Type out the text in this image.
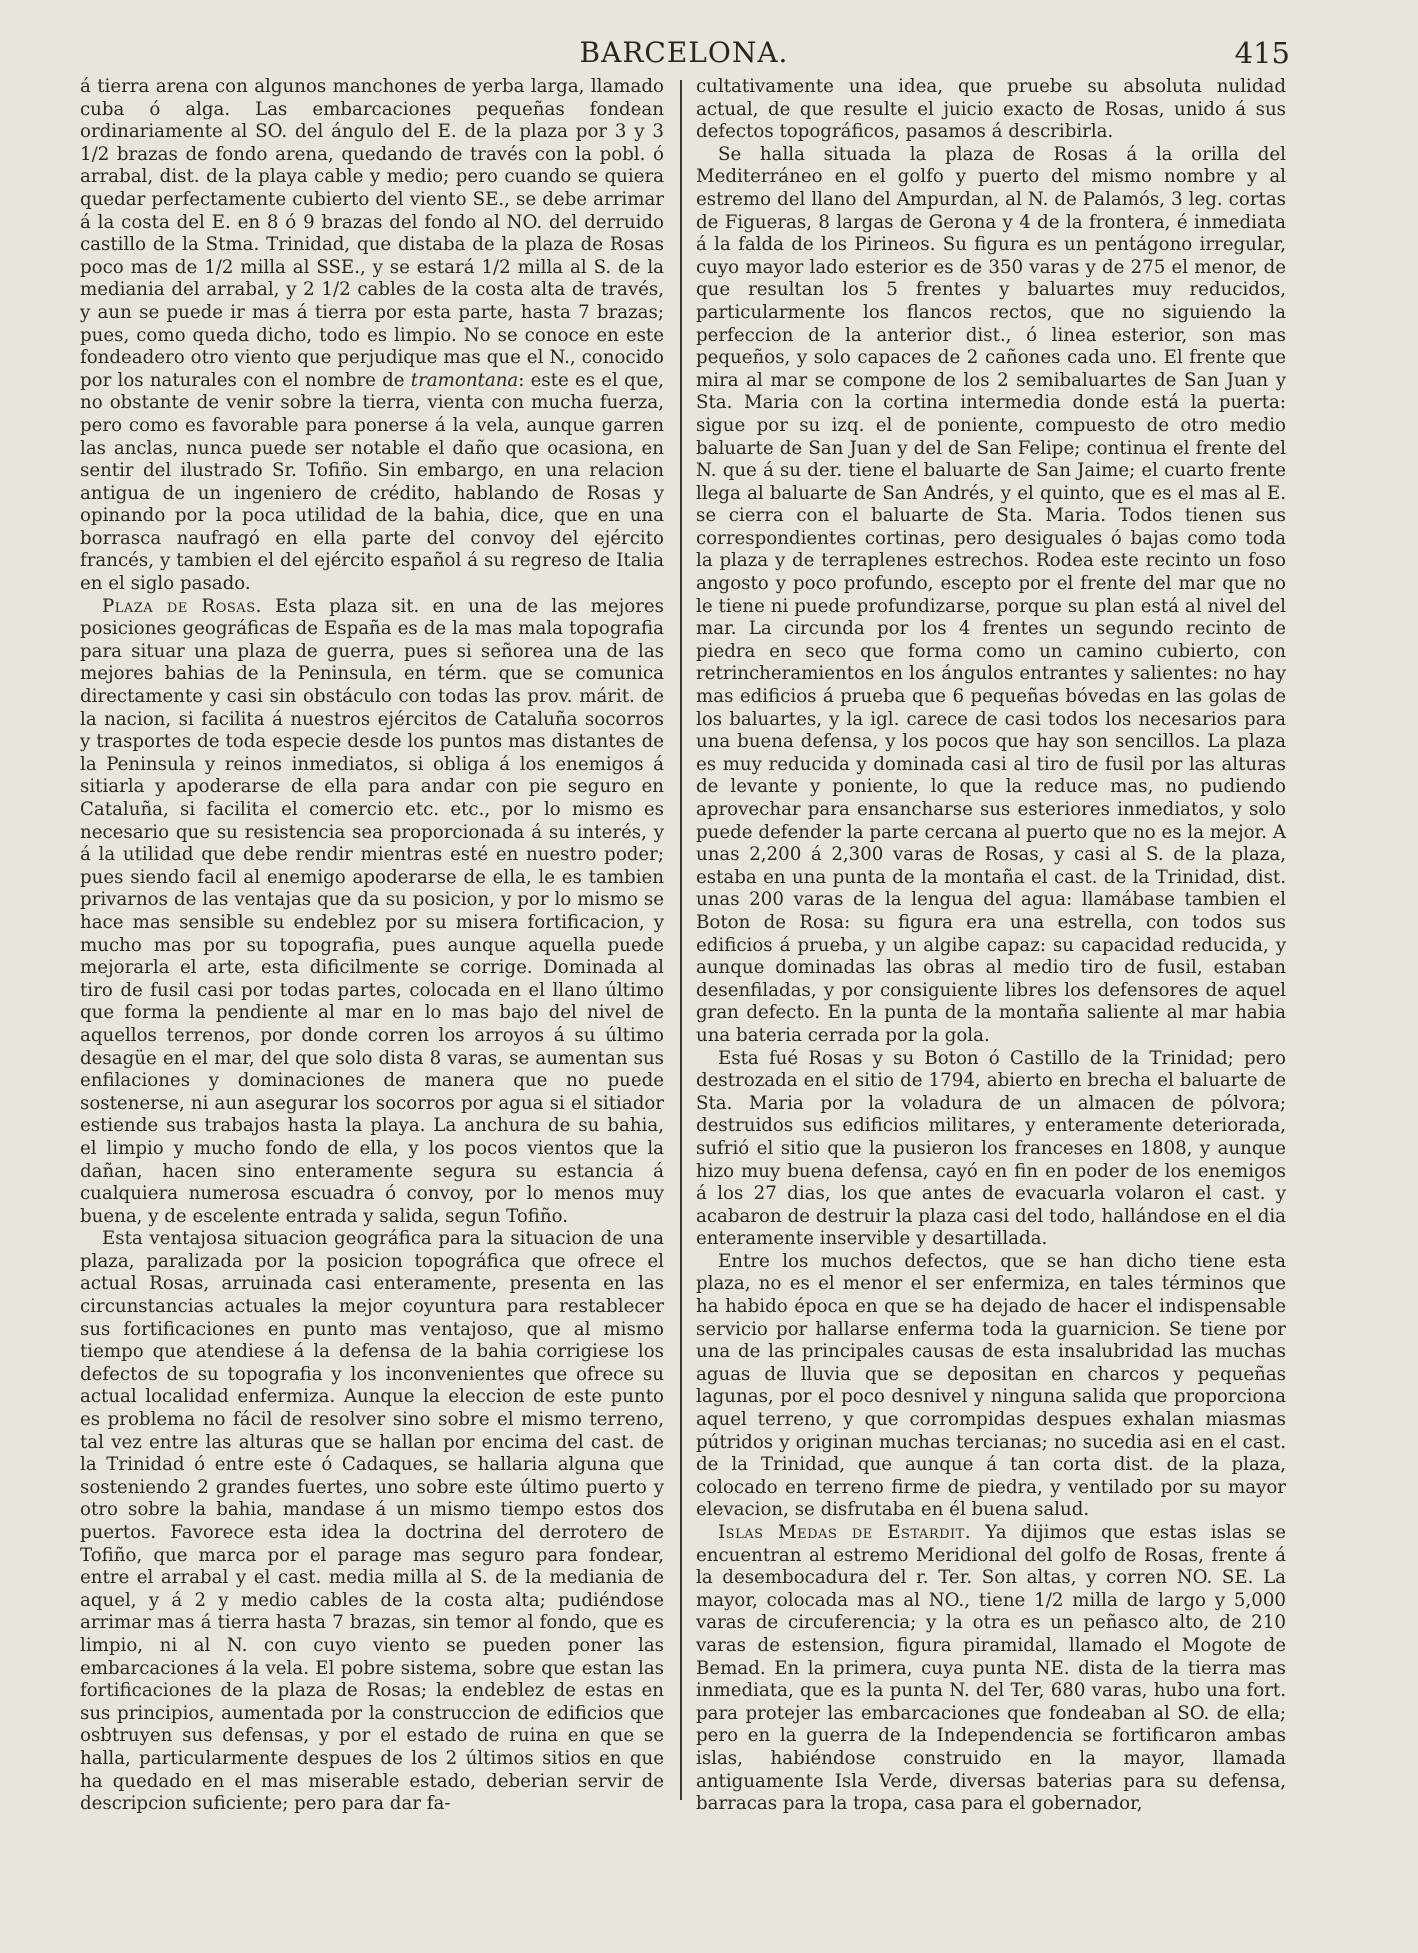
BARCELONA.	415

á tierra arena con algunos manchones de yerba larga, llamado cuba ó alga. Las embarcaciones pequeñas fondean ordinariamente al SO. del ángulo del E. de la plaza por 3 y 3 1/2 brazas de fondo arena, quedando de través con la pobl. ó arrabal, dist. de la playa cable y medio; pero cuando se quiera quedar perfectamente cubierto del viento SE., se debe arrimar á la costa del E. en 8 ó 9 brazas del fondo al NO. del derruido castillo de la Stma. Trinidad, que distaba de la plaza de Rosas poco mas de 1/2 milla al SSE., y se estará 1/2 milla al S. de la mediania del arrabal, y 2 1/2 cables de la costa alta de través, y aun se puede ir mas á tierra por esta parte, hasta 7 brazas; pues, como queda dicho, todo es limpio. No se conoce en este fondeadero otro viento que perjudique mas que el N., conocido por los naturales con el nombre de tramontana: este es el que, no obstante de venir sobre la tierra, vienta con mucha fuerza, pero como es favorable para ponerse á la vela, aunque garren las anclas, nunca puede ser notable el daño que ocasiona, en sentir del ilustrado Sr. Tofiño. Sin embargo, en una relacion antigua de un ingeniero de crédito, hablando de Rosas y opinando por la poca utilidad de la bahia, dice, que en una borrasca naufragó en ella parte del convoy del ejército francés, y tambien el del ejército español á su regreso de Italia en el siglo pasado.

Plaza de Rosas. Esta plaza sit. en una de las mejores posiciones geográficas de España es de la mas mala topografia para situar una plaza de guerra, pues si señorea una de las mejores bahias de la Peninsula, en térm. que se comunica directamente y casi sin obstáculo con todas las prov. márit. de la nacion, si facilita á nuestros ejércitos de Cataluña socorros y trasportes de toda especie desde los puntos mas distantes de la Peninsula y reinos inmediatos, si obliga á los enemigos á sitiarla y apoderarse de ella para andar con pie seguro en Cataluña, si facilita el comercio etc. etc., por lo mismo es necesario que su resistencia sea proporcionada á su interés, y á la utilidad que debe rendir mientras esté en nuestro poder; pues siendo facil al enemigo apoderarse de ella, le es tambien privarnos de las ventajas que da su posicion, y por lo mismo se hace mas sensible su endeblez por su misera fortificacion, y mucho mas por su topografia, pues aunque aquella puede mejorarla el arte, esta dificilmente se corrige. Dominada al tiro de fusil casi por todas partes, colocada en el llano último que forma la pendiente al mar en lo mas bajo del nivel de aquellos terrenos, por donde corren los arroyos á su último desagüe en el mar, del que solo dista 8 varas, se aumentan sus enfilaciones y dominaciones de manera que no puede sostenerse, ni aun asegurar los socorros por agua si el sitiador estiende sus trabajos hasta la playa. La anchura de su bahia, el limpio y mucho fondo de ella, y los pocos vientos que la dañan, hacen sino enteramente segura su estancia á cualquiera numerosa escuadra ó convoy, por lo menos muy buena, y de escelente entrada y salida, segun Tofiño.

Esta ventajosa situacion geográfica para la situacion de una plaza, paralizada por la posicion topográfica que ofrece el actual Rosas, arruinada casi enteramente, presenta en las circunstancias actuales la mejor coyuntura para restablecer sus fortificaciones en punto mas ventajoso, que al mismo tiempo que atendiese á la defensa de la bahia corrigiese los defectos de su topografia y los inconvenientes que ofrece su actual localidad enfermiza. Aunque la eleccion de este punto es problema no fácil de resolver sino sobre el mismo terreno, tal vez entre las alturas que se hallan por encima del cast. de la Trinidad ó entre este ó Cadaques, se hallaria alguna que sosteniendo 2 grandes fuertes, uno sobre este último puerto y otro sobre la bahia, mandase á un mismo tiempo estos dos puertos. Favorece esta idea la doctrina del derrotero de Tofiño, que marca por el parage mas seguro para fondear, entre el arrabal y el cast. media milla al S. de la mediania de aquel, y á 2 y medio cables de la costa alta; pudiéndose arrimar mas á tierra hasta 7 brazas, sin temor al fondo, que es limpio, ni al N. con cuyo viento se pueden poner las embarcaciones á la vela. El pobre sistema, sobre que estan las fortificaciones de la plaza de Rosas; la endeblez de estas en sus principios, aumentada por la construccion de edificios que osbtruyen sus defensas, y por el estado de ruina en que se halla, particularmente despues de los 2 últimos sitios en que ha quedado en el mas miserable estado, deberian servir de descripcion suficiente; pero para dar fa-

cultativamente una idea, que pruebe su absoluta nulidad actual, de que resulte el juicio exacto de Rosas, unido á sus defectos topográficos, pasamos á describirla.

Se halla situada la plaza de Rosas á la orilla del Mediterráneo en el golfo y puerto del mismo nombre y al estremo del llano del Ampurdan, al N. de Palamós, 3 leg. cortas de Figueras, 8 largas de Gerona y 4 de la frontera, é inmediata á la falda de los Pirineos. Su figura es un pentágono irregular, cuyo mayor lado esterior es de 350 varas y de 275 el menor, de que resultan los 5 frentes y baluartes muy reducidos, particularmente los flancos rectos, que no siguiendo la perfeccion de la anterior dist., ó linea esterior, son mas pequeños, y solo capaces de 2 cañones cada uno. El frente que mira al mar se compone de los 2 semibaluartes de San Juan y Sta. Maria con la cortina intermedia donde está la puerta: sigue por su izq. el de poniente, compuesto de otro medio baluarte de San Juan y del de San Felipe; continua el frente del N. que á su der. tiene el baluarte de San Jaime; el cuarto frente llega al baluarte de San Andrés, y el quinto, que es el mas al E. se cierra con el baluarte de Sta. Maria. Todos tienen sus correspondientes cortinas, pero desiguales ó bajas como toda la plaza y de terraplenes estrechos. Rodea este recinto un foso angosto y poco profundo, escepto por el frente del mar que no le tiene ni puede profundizarse, porque su plan está al nivel del mar. La circunda por los 4 frentes un segundo recinto de piedra en seco que forma como un camino cubierto, con retrincheramientos en los ángulos entrantes y salientes: no hay mas edificios á prueba que 6 pequeñas bóvedas en las golas de los baluartes, y la igl. carece de casi todos los necesarios para una buena defensa, y los pocos que hay son sencillos. La plaza es muy reducida y dominada casi al tiro de fusil por las alturas de levante y poniente, lo que la reduce mas, no pudiendo aprovechar para ensancharse sus esteriores inmediatos, y solo puede defender la parte cercana al puerto que no es la mejor. A unas 2,200 á 2,300 varas de Rosas, y casi al S. de la plaza, estaba en una punta de la montaña el cast. de la Trinidad, dist. unas 200 varas de la lengua del agua: llamábase tambien el Boton de Rosa: su figura era una estrella, con todos sus edificios á prueba, y un algibe capaz: su capacidad reducida, y aunque dominadas las obras al medio tiro de fusil, estaban desenfiladas, y por consiguiente libres los defensores de aquel gran defecto. En la punta de la montaña saliente al mar habia una bateria cerrada por la gola.

Esta fué Rosas y su Boton ó Castillo de la Trinidad; pero destrozada en el sitio de 1794, abierto en brecha el baluarte de Sta. Maria por la voladura de un almacen de pólvora; destruidos sus edificios militares, y enteramente deteriorada, sufrió el sitio que la pusieron los franceses en 1808, y aunque hizo muy buena defensa, cayó en fin en poder de los enemigos á los 27 dias, los que antes de evacuarla volaron el cast. y acabaron de destruir la plaza casi del todo, hallándose en el dia enteramente inservible y desartillada.

Entre los muchos defectos, que se han dicho tiene esta plaza, no es el menor el ser enfermiza, en tales términos que ha habido época en que se ha dejado de hacer el indispensable servicio por hallarse enferma toda la guarnicion. Se tiene por una de las principales causas de esta insalubridad las muchas aguas de lluvia que se depositan en charcos y pequeñas lagunas, por el poco desnivel y ninguna salida que proporciona aquel terreno, y que corrompidas despues exhalan miasmas pútridos y originan muchas tercianas; no sucedia asi en el cast. de la Trinidad, que aunque á tan corta dist. de la plaza, colocado en terreno firme de piedra, y ventilado por su mayor elevacion, se disfrutaba en él buena salud.

Islas Medas de Estardit. Ya dijimos que estas islas se encuentran al estremo Meridional del golfo de Rosas, frente á la desembocadura del r. Ter. Son altas, y corren NO. SE. La mayor, colocada mas al NO., tiene 1/2 milla de largo y 5,000 varas de circuferencia; y la otra es un peñasco alto, de 210 varas de estension, figura piramidal, llamado el Mogote de Bemad. En la primera, cuya punta NE. dista de la tierra mas inmediata, que es la punta N. del Ter, 680 varas, hubo una fort. para protejer las embarcaciones que fondeaban al SO. de ella; pero en la guerra de la Independencia se fortificaron ambas islas, habiéndose construido en la mayor, llamada antiguamente Isla Verde, diversas baterias para su defensa, barracas para la tropa, casa para el gobernador,
